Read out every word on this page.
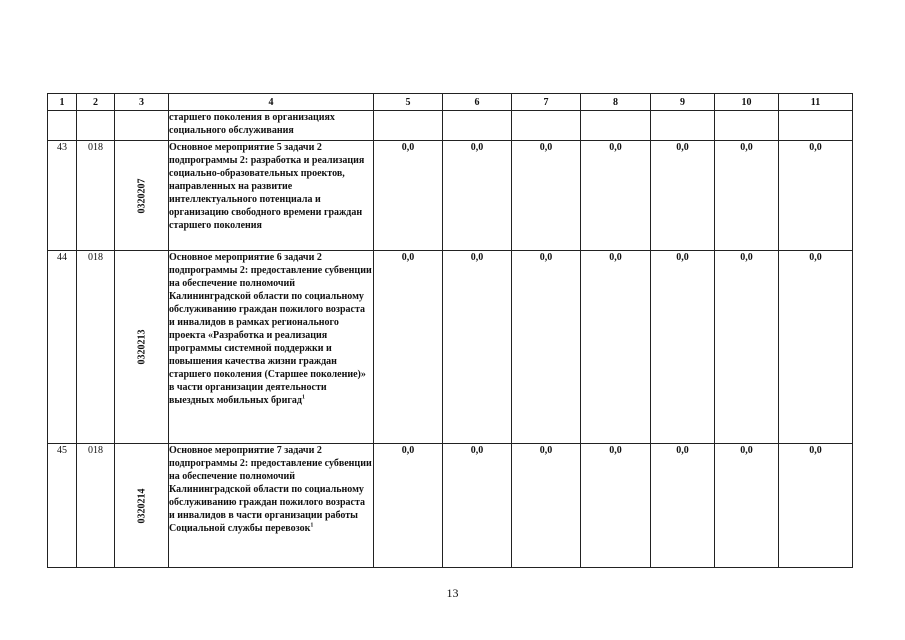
1	2	3	4	5	6	7	8	9	10	11
			старшего поколения в организациях социального обслуживания							
43	018	0320207	Основное мероприятие 5 задачи 2 подпрограммы 2: разработка и реализация социально-образовательных проектов, направленных на развитие интеллектуального потенциала и организацию свободного времени граждан старшего поколения	0,0	0,0	0,0	0,0	0,0	0,0	0,0
44	018	0320213	Основное мероприятие 6 задачи 2 подпрограммы 2: предоставление субвенции на обеспечение полномочий Калининградской области по социальному обслуживанию граждан пожилого возраста и инвалидов в рамках регионального проекта «Разработка и реализация программы системной поддержки и повышения качества жизни граждан старшего поколения (Старшее поколение)» в части организации деятельности выездных мобильных бригад$^1$	0,0	0,0	0,0	0,0	0,0	0,0	0,0
45	018	0320214	Основное мероприятие 7 задачи 2 подпрограммы 2: предоставление субвенции на обеспечение полномочий Калининградской области по социальному обслуживанию граждан пожилого возраста и инвалидов в части организации работы Социальной службы перевозок$^1$	0,0	0,0	0,0	0,0	0,0	0,0	0,0
13
